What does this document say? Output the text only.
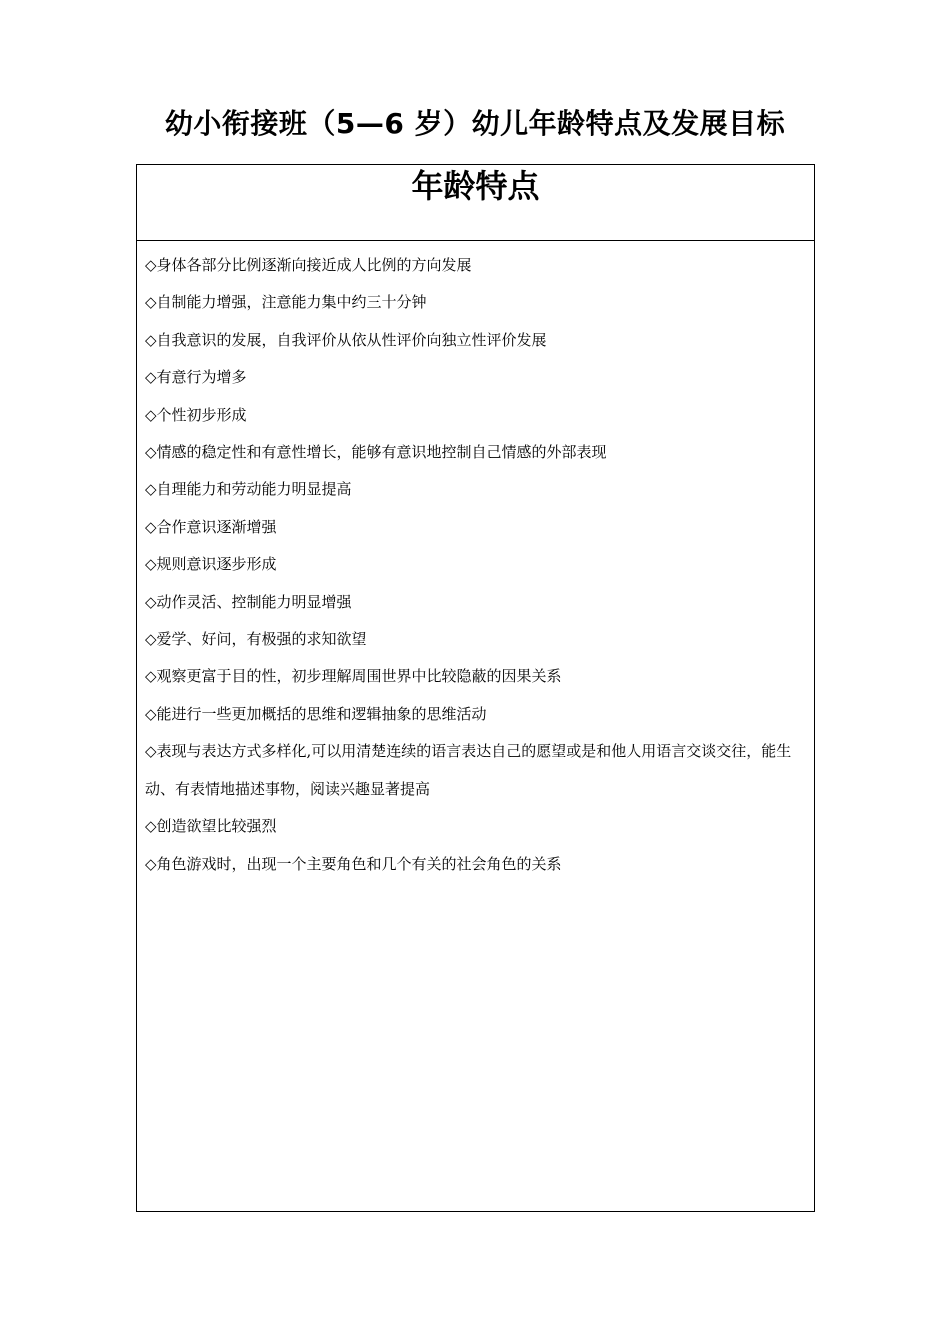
幼小衔接班（5—6 岁）幼儿年龄特点及发展目标
年龄特点
◇身体各部分比例逐渐向接近成人比例的方向发展
◇自制能力增强，注意能力集中约三十分钟
◇自我意识的发展，自我评价从依从性评价向独立性评价发展
◇有意行为增多
◇个性初步形成
◇情感的稳定性和有意性增长，能够有意识地控制自己情感的外部表现
◇自理能力和劳动能力明显提高
◇合作意识逐渐增强
◇规则意识逐步形成
◇动作灵活、控制能力明显增强
◇爱学、好问，有极强的求知欲望
◇观察更富于目的性，初步理解周围世界中比较隐蔽的因果关系
◇能进行一些更加概括的思维和逻辑抽象的思维活动
◇表现与表达方式多样化,可以用清楚连续的语言表达自己的愿望或是和他人用语言交谈交往，能生动、有表情地描述事物，阅读兴趣显著提高
◇创造欲望比较强烈
◇角色游戏时，出现一个主要角色和几个有关的社会角色的关系
